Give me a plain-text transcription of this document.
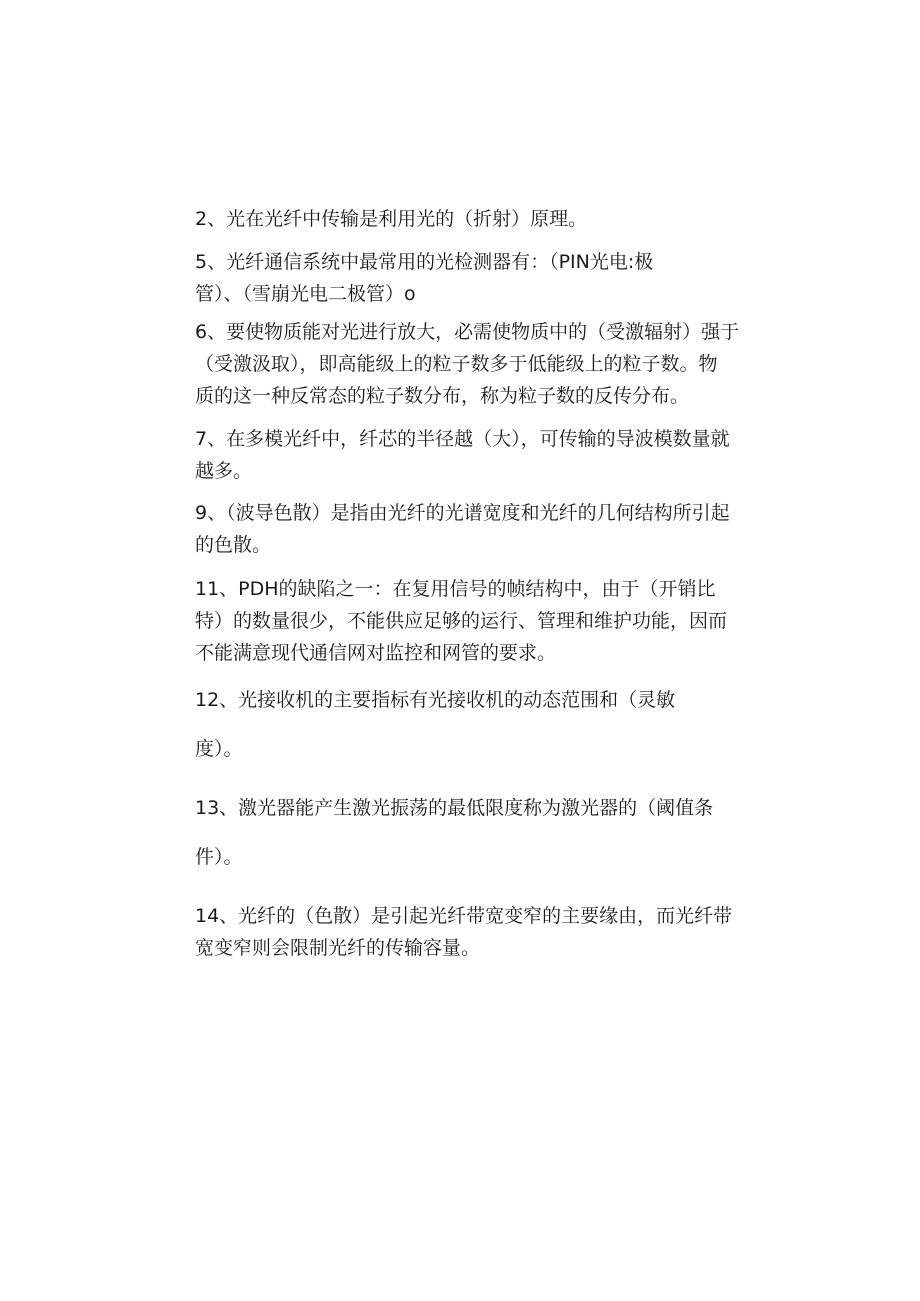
2、光在光纤中传输是利用光的（折射）原理。

5、光纤通信系统中最常用的光检测器有：（PIN光电:极
管）、（雪崩光电二极管）o

6、要使物质能对光进行放大，必需使物质中的（受激辐射）强于
（受激汲取），即高能级上的粒子数多于低能级上的粒子数。物
质的这一种反常态的粒子数分布，称为粒子数的反传分布。

7、在多模光纤中，纤芯的半径越（大），可传输的导波模数量就
越多。

9、（波导色散）是指由光纤的光谱宽度和光纤的几何结构所引起
的色散。

11、PDH的缺陷之一：在复用信号的帧结构中，由于（开销比
特）的数量很少，不能供应足够的运行、管理和维护功能，因而
不能满意现代通信网对监控和网管的要求。

12、光接收机的主要指标有光接收机的动态范围和（灵敏

度）。

13、激光器能产生激光振荡的最低限度称为激光器的（阈值条

件）。

14、光纤的（色散）是引起光纤带宽变窄的主要缘由，而光纤带
宽变窄则会限制光纤的传输容量。
